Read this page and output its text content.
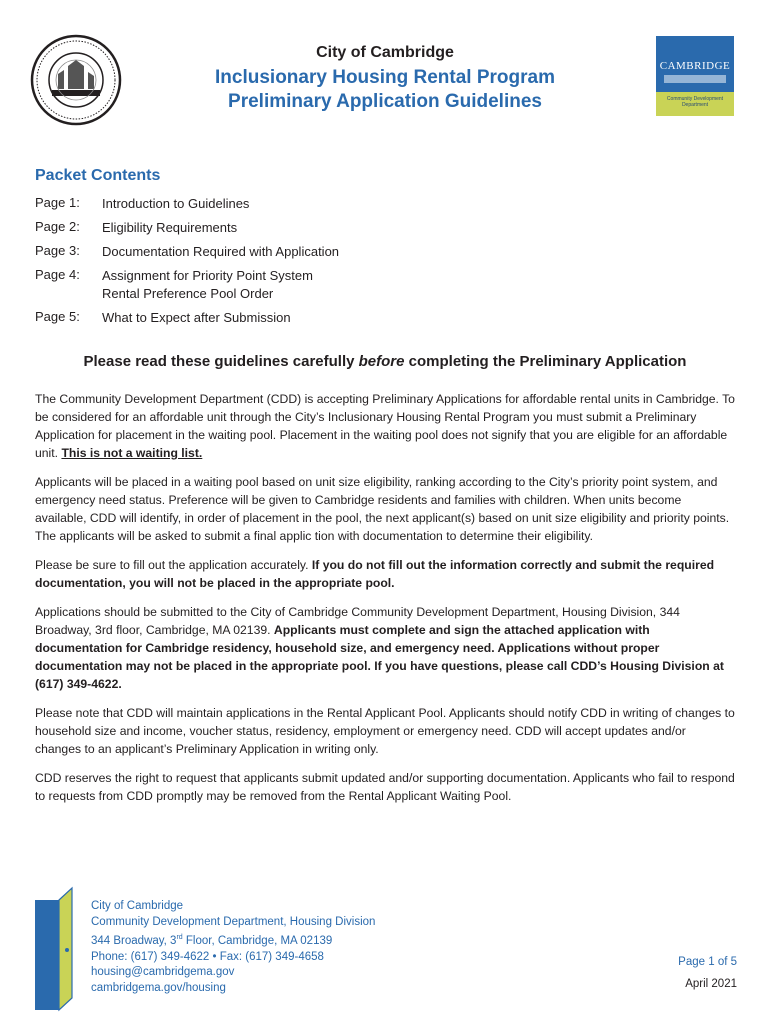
CAMBRIDGE
Community Development Department
City of Cambridge
Inclusionary Housing Rental Program
Preliminary Application Guidelines
Packet Contents
Page 1:	Introduction to Guidelines
Page 2:	Eligibility Requirements
Page 3:	Documentation Required with Application
Page 4:	Assignment for Priority Point System
Rental Preference Pool Order
Page 5:	What to Expect after Submission
Please read these guidelines carefully before completing the Preliminary Application

The Community Development Department (CDD) is accepting Preliminary Applications for affordable rental units in Cambridge. To be considered for an affordable unit through the City’s Inclusionary Housing Rental Program you must submit a Preliminary Application for placement in the waiting pool. Placement in the waiting pool does not signify that you are eligible for an affordable unit. This is not a waiting list.

Applicants will be placed in a waiting pool based on unit size eligibility, ranking according to the City’s priority point system, and emergency need status. Preference will be given to Cambridge residents and families with children. When units become available, CDD will identify, in order of placement in the pool, the next applicant(s) based on unit size eligibility and priority points. The applicants will be asked to submit a final applic tion with documentation to determine their eligibility.

Please be sure to fill out the application accurately. If you do not fill out the information correctly and submit the required documentation, you will not be placed in the appropriate pool.

Applications should be submitted to the City of Cambridge Community Development Department, Housing Division, 344 Broadway, 3rd floor, Cambridge, MA 02139. Applicants must complete and sign the attached application with documentation for Cambridge residency, household size, and emergency need. Applications without proper documentation may not be placed in the appropriate pool. If you have questions, please call CDD’s Housing Division at (617) 349-4622.

Please note that CDD will maintain applications in the Rental Applicant Pool. Applicants should notify CDD in writing of changes to household size and income, voucher status, residency, employment or emergency need. CDD will accept updates and/or changes to an applicant’s Preliminary Application in writing only.

CDD reserves the right to request that applicants submit updated and/or supporting documentation. Applicants who fail to respond to requests from CDD promptly may be removed from the Rental Applicant Waiting Pool.

City of Cambridge
Community Development Department, Housing Division
344 Broadway, 3rd Floor, Cambridge, MA 02139
Phone: (617) 349-4622 • Fax: (617) 349-4658
housing@cambridgema.gov
cambridgema.gov/housing
Page 1 of 5
April 2021
